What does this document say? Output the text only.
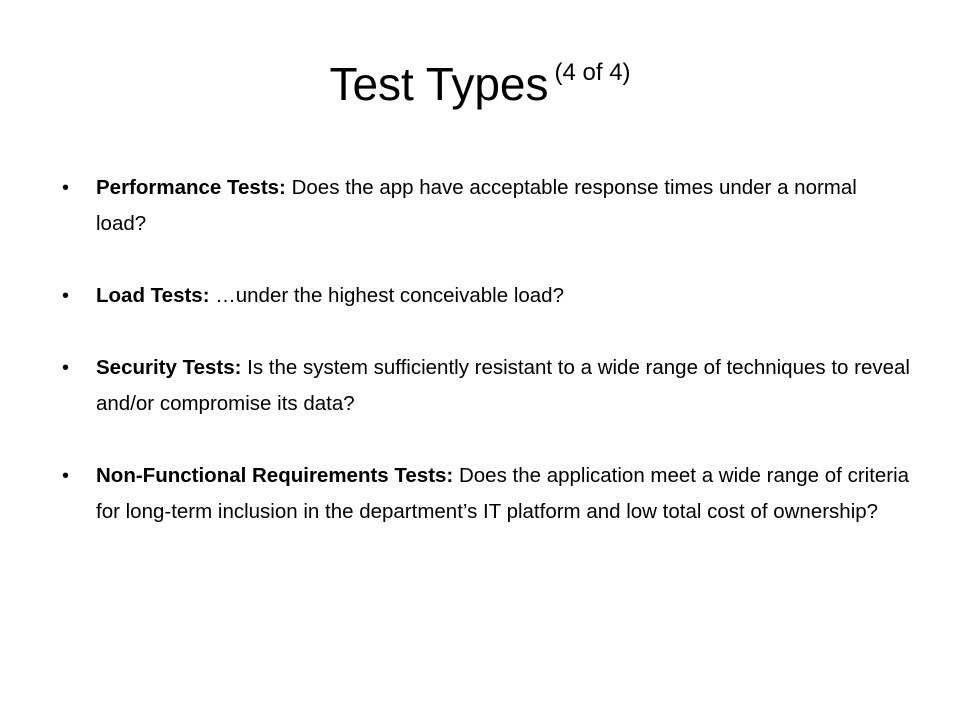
Test Types $^{(4 of 4)}$
• Performance Tests: Does the app have acceptable response times under a normal load?
• Load Tests: …under the highest conceivable load?
• Security Tests: Is the system sufficiently resistant to a wide range of techniques to reveal and/or compromise its data?
• Non-Functional Requirements Tests: Does the application meet a wide range of criteria for long-term inclusion in the department’s IT platform and low total cost of ownership?
